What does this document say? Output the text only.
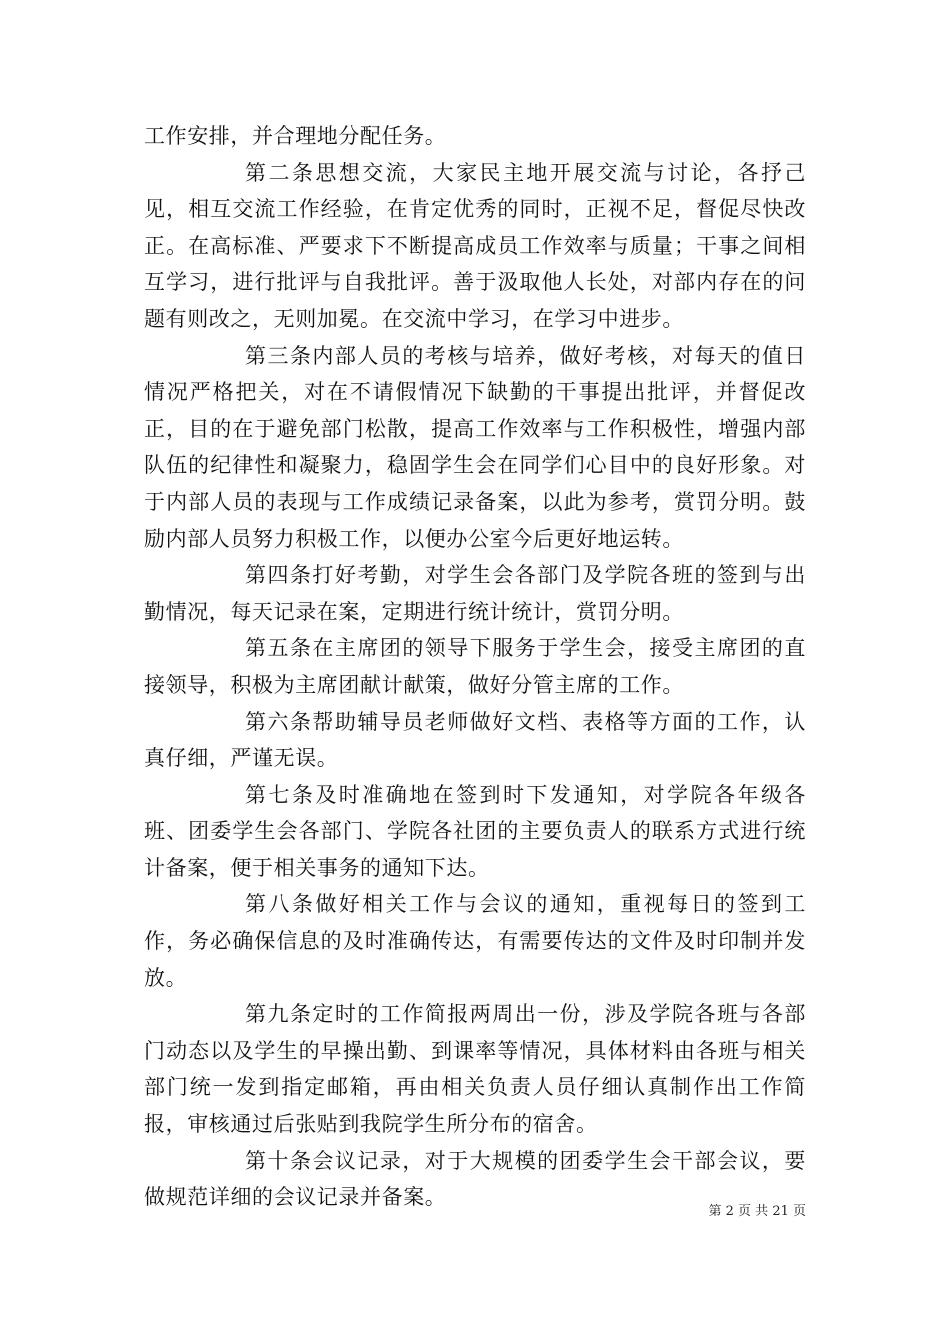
工作安排，并合理地分配任务。

第二条思想交流，大家民主地开展交流与讨论，各抒己见，相互交流工作经验，在肯定优秀的同时，正视不足，督促尽快改正。在高标准、严要求下不断提高成员工作效率与质量；干事之间相互学习，进行批评与自我批评。善于汲取他人长处，对部内存在的问题有则改之，无则加冕。在交流中学习，在学习中进步。

第三条内部人员的考核与培养，做好考核，对每天的值日情况严格把关，对在不请假情况下缺勤的干事提出批评，并督促改正，目的在于避免部门松散，提高工作效率与工作积极性，增强内部队伍的纪律性和凝聚力，稳固学生会在同学们心目中的良好形象。对于内部人员的表现与工作成绩记录备案，以此为参考，赏罚分明。鼓励内部人员努力积极工作，以便办公室今后更好地运转。

第四条打好考勤，对学生会各部门及学院各班的签到与出勤情况，每天记录在案，定期进行统计统计，赏罚分明。

第五条在主席团的领导下服务于学生会，接受主席团的直接领导，积极为主席团献计献策，做好分管主席的工作。

第六条帮助辅导员老师做好文档、表格等方面的工作，认真仔细，严谨无误。

第七条及时准确地在签到时下发通知，对学院各年级各班、团委学生会各部门、学院各社团的主要负责人的联系方式进行统计备案，便于相关事务的通知下达。

第八条做好相关工作与会议的通知，重视每日的签到工作，务必确保信息的及时准确传达，有需要传达的文件及时印制并发放。

第九条定时的工作简报两周出一份，涉及学院各班与各部门动态以及学生的早操出勤、到课率等情况，具体材料由各班与相关部门统一发到指定邮箱，再由相关负责人员仔细认真制作出工作简报，审核通过后张贴到我院学生所分布的宿舍。

第十条会议记录，对于大规模的团委学生会干部会议，要做规范详细的会议记录并备案。

第 2 页 共 21 页
